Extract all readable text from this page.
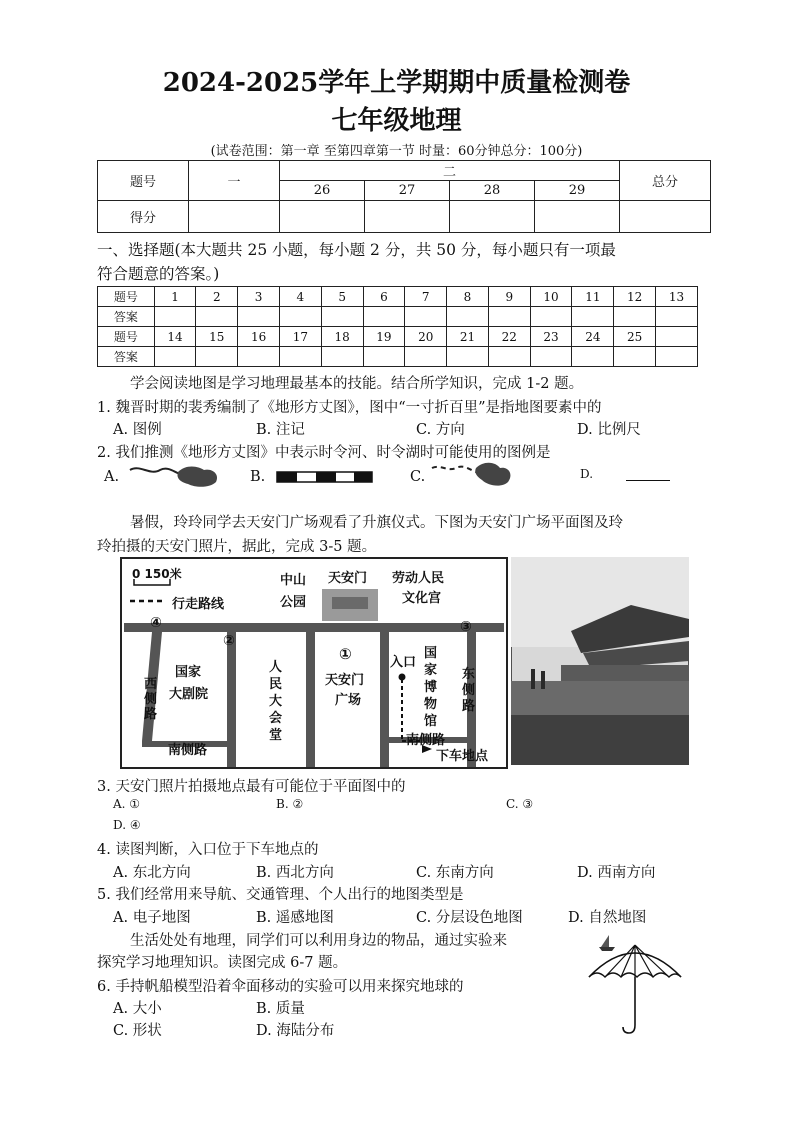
2024-2025学年上学期期中质量检测卷
七年级地理
(试卷范围：第一章 至第四章第一节 时量：60分钟总分：100分)
题号	一	二				总分
		26	27	28	29	
得分						
一、选择题(本大题共 25 小题，每小题 2 分，共 50 分，每小题只有一项最
符合题意的答案。)
题号	1	2	3	4	5	6	7	8	9	10	11	12	13
答案													
题号	14	15	16	17	18	19	20	21	22	23	24	25	
答案													
学会阅读地图是学习地理最基本的技能。结合所学知识，完成 1-2 题。
1. 魏晋时期的裴秀编制了《地形方丈图》，图中“一寸折百里”是指地图要素中的
A. 图例	B. 注记	C. 方向	D. 比例尺
2. 我们推测《地形方丈图》中表示时令河、时令湖时可能使用的图例是
A.	B.	C.	D.
暑假，玲玲同学去天安门广场观看了升旗仪式。下图为天安门广场平面图及玲
玲拍摄的天安门照片，据此，完成 3-5 题。
0 150米
行走路线
中山
公园
天安门 劳动人民
文化宫
国家
大剧院
西侧路
人民大会堂
天安门
广场
入口
国家博物馆
东侧路
南侧路
南侧路
下车地点
①
②
③
④
3. 天安门照片拍摄地点最有可能位于平面图中的
A. ①	B. ②	C. ③
D. ④
4. 读图判断，入口位于下车地点的
A. 东北方向	B. 西北方向	C. 东南方向	D. 西南方向
5. 我们经常用来导航、交通管理、个人出行的地图类型是
A. 电子地图	B. 遥感地图	C. 分层设色地图	D. 自然地图
生活处处有地理，同学们可以利用身边的物品，通过实验来
探究学习地理知识。读图完成 6-7 题。
6. 手持帆船模型沿着伞面移动的实验可以用来探究地球的
A. 大小	B. 质量
C. 形状	D. 海陆分布
